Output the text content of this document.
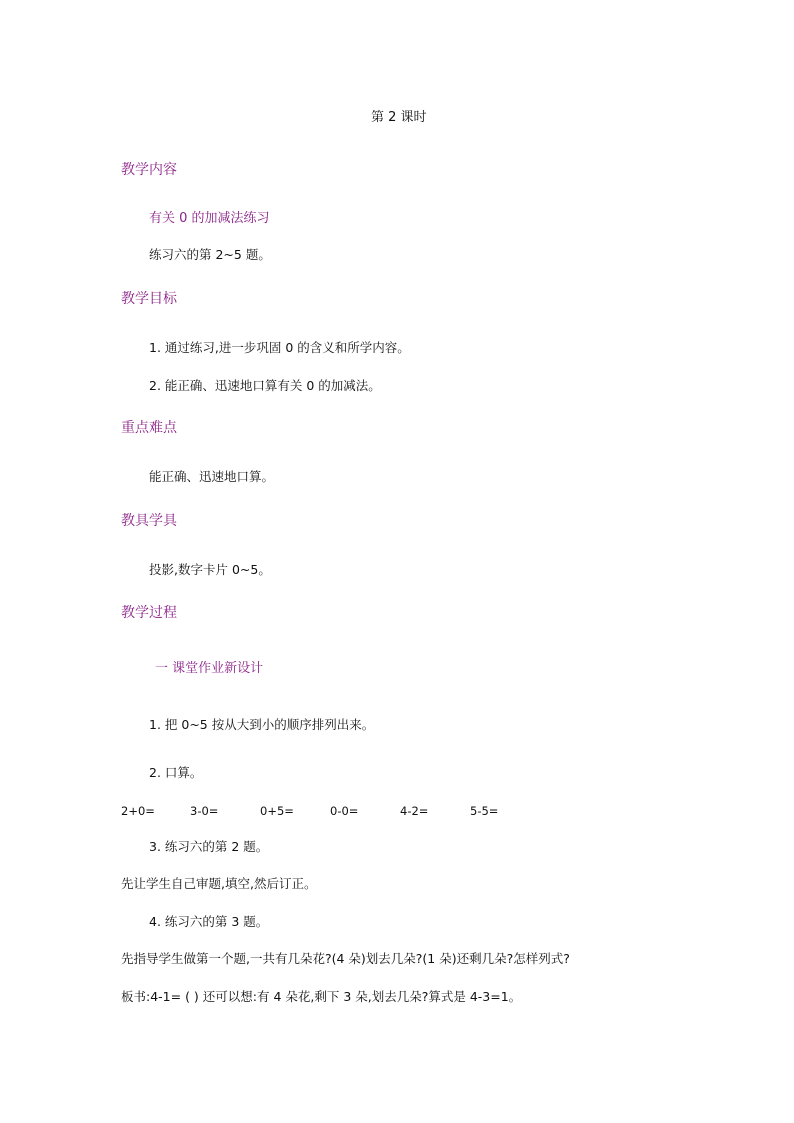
第 2 课时
教学内容
有关 0 的加减法练习
练习六的第 2~5 题。
教学目标
1. 通过练习,进一步巩固 0 的含义和所学内容。
2. 能正确、迅速地口算有关 0 的加减法。
重点难点
能正确、迅速地口算。
教具学具
投影,数字卡片 0~5。
教学过程
一 课堂作业新设计
1. 把 0~5 按从大到小的顺序排列出来。
2. 口算。
2+0=	3-0=	0+5=	0-0=	4-2=	5-5=
3. 练习六的第 2 题。
先让学生自己审题,填空,然后订正。
4. 练习六的第 3 题。
先指导学生做第一个题,一共有几朵花?(4 朵)划去几朵?(1 朵)还剩几朵?怎样列式?
板书:4-1= ( ) 还可以想:有 4 朵花,剩下 3 朵,划去几朵?算式是 4-3=1。
